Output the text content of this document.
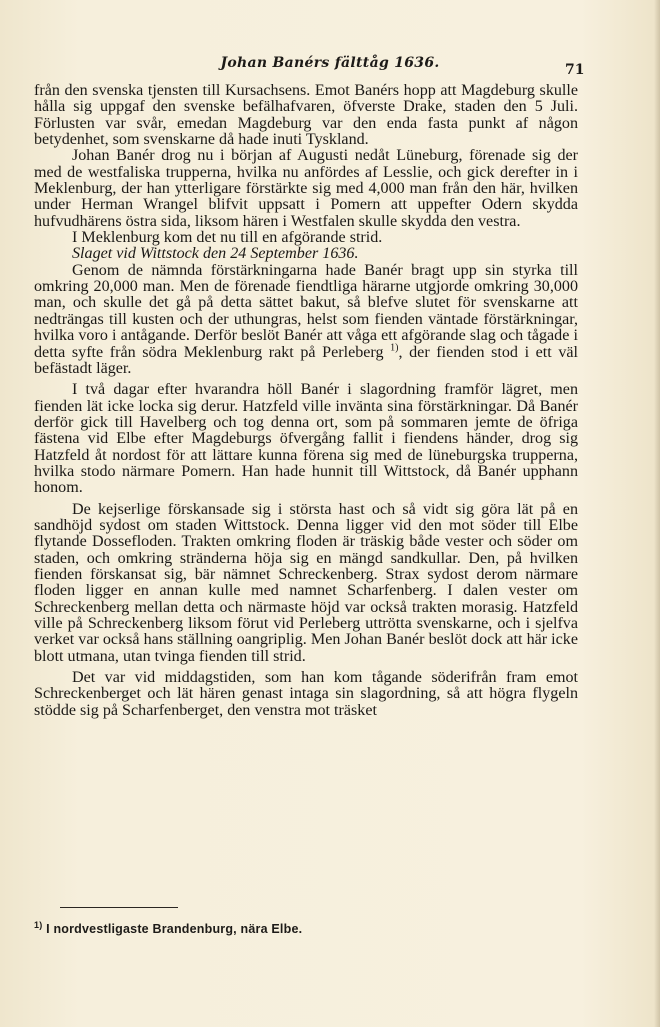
Johan Banérs fälttåg 1636.	71

från den svenska tjensten till Kursachsens. Emot Banérs hopp att Magdeburg skulle hålla sig uppgaf den svenske befälhafvaren, öfverste Drake, staden den 5 Juli. Förlusten var svår, emedan Magdeburg var den enda fasta punkt af någon betydenhet, som svenskarne då hade inuti Tyskland.

Johan Banér drog nu i början af Augusti nedåt Lüneburg, förenade sig der med de westfaliska trupperna, hvilka nu anfördes af Lesslie, och gick derefter in i Meklenburg, der han ytterligare förstärkte sig med 4,000 man från den här, hvilken under Herman Wrangel blifvit uppsatt i Pomern att uppefter Odern skydda hufvudhärens östra sida, liksom hären i Westfalen skulle skydda den vestra.

I Meklenburg kom det nu till en afgörande strid.

Slaget vid Wittstock den 24 September 1636.

Genom de nämnda förstärkningarna hade Banér bragt upp sin styrka till omkring 20,000 man. Men de förenade fiendtliga härarne utgjorde omkring 30,000 man, och skulle det gå på detta sättet bakut, så blefve slutet för svenskarne att nedträngas till kusten och der uthungras, helst som fienden väntade förstärkningar, hvilka voro i antågande. Derför beslöt Banér att våga ett afgörande slag och tågade i detta syfte från södra Meklenburg rakt på Perleberg $^{1)}$, der fienden stod i ett väl befästadt läger.

I två dagar efter hvarandra höll Banér i slagordning framför lägret, men fienden lät icke locka sig derur. Hatzfeld ville invänta sina förstärkningar. Då Banér derför gick till Havelberg och tog denna ort, som på sommaren jemte de öfriga fästena vid Elbe efter Magdeburgs öfvergång fallit i fiendens händer, drog sig Hatzfeld åt nordost för att lättare kunna förena sig med de lüneburgska trupperna, hvilka stodo närmare Pomern. Han hade hunnit till Wittstock, då Banér upphann honom.

De kejserlige förskansade sig i största hast och så vidt sig göra lät på en sandhöjd sydost om staden Wittstock. Denna ligger vid den mot söder till Elbe flytande Dossefloden. Trakten omkring floden är träskig både vester och söder om staden, och omkring stränderna höja sig en mängd sandkullar. Den, på hvilken fienden förskansat sig, bär nämnet Schreckenberg. Strax sydost derom närmare floden ligger en annan kulle med namnet Scharfenberg. I dalen vester om Schreckenberg mellan detta och närmaste höjd var också trakten morasig. Hatzfeld ville på Schreckenberg liksom förut vid Perleberg uttrötta svenskarne, och i sjelfva verket var också hans ställning oangriplig. Men Johan Banér beslöt dock att här icke blott utmana, utan tvinga fienden till strid.

Det var vid middagstiden, som han kom tågande söderifrån fram emot Schreckenberget och lät hären genast intaga sin slagordning, så att högra flygeln stödde sig på Scharfenberget, den venstra mot träsket

$^{1)}$ I nordvestligaste Brandenburg, nära Elbe.
